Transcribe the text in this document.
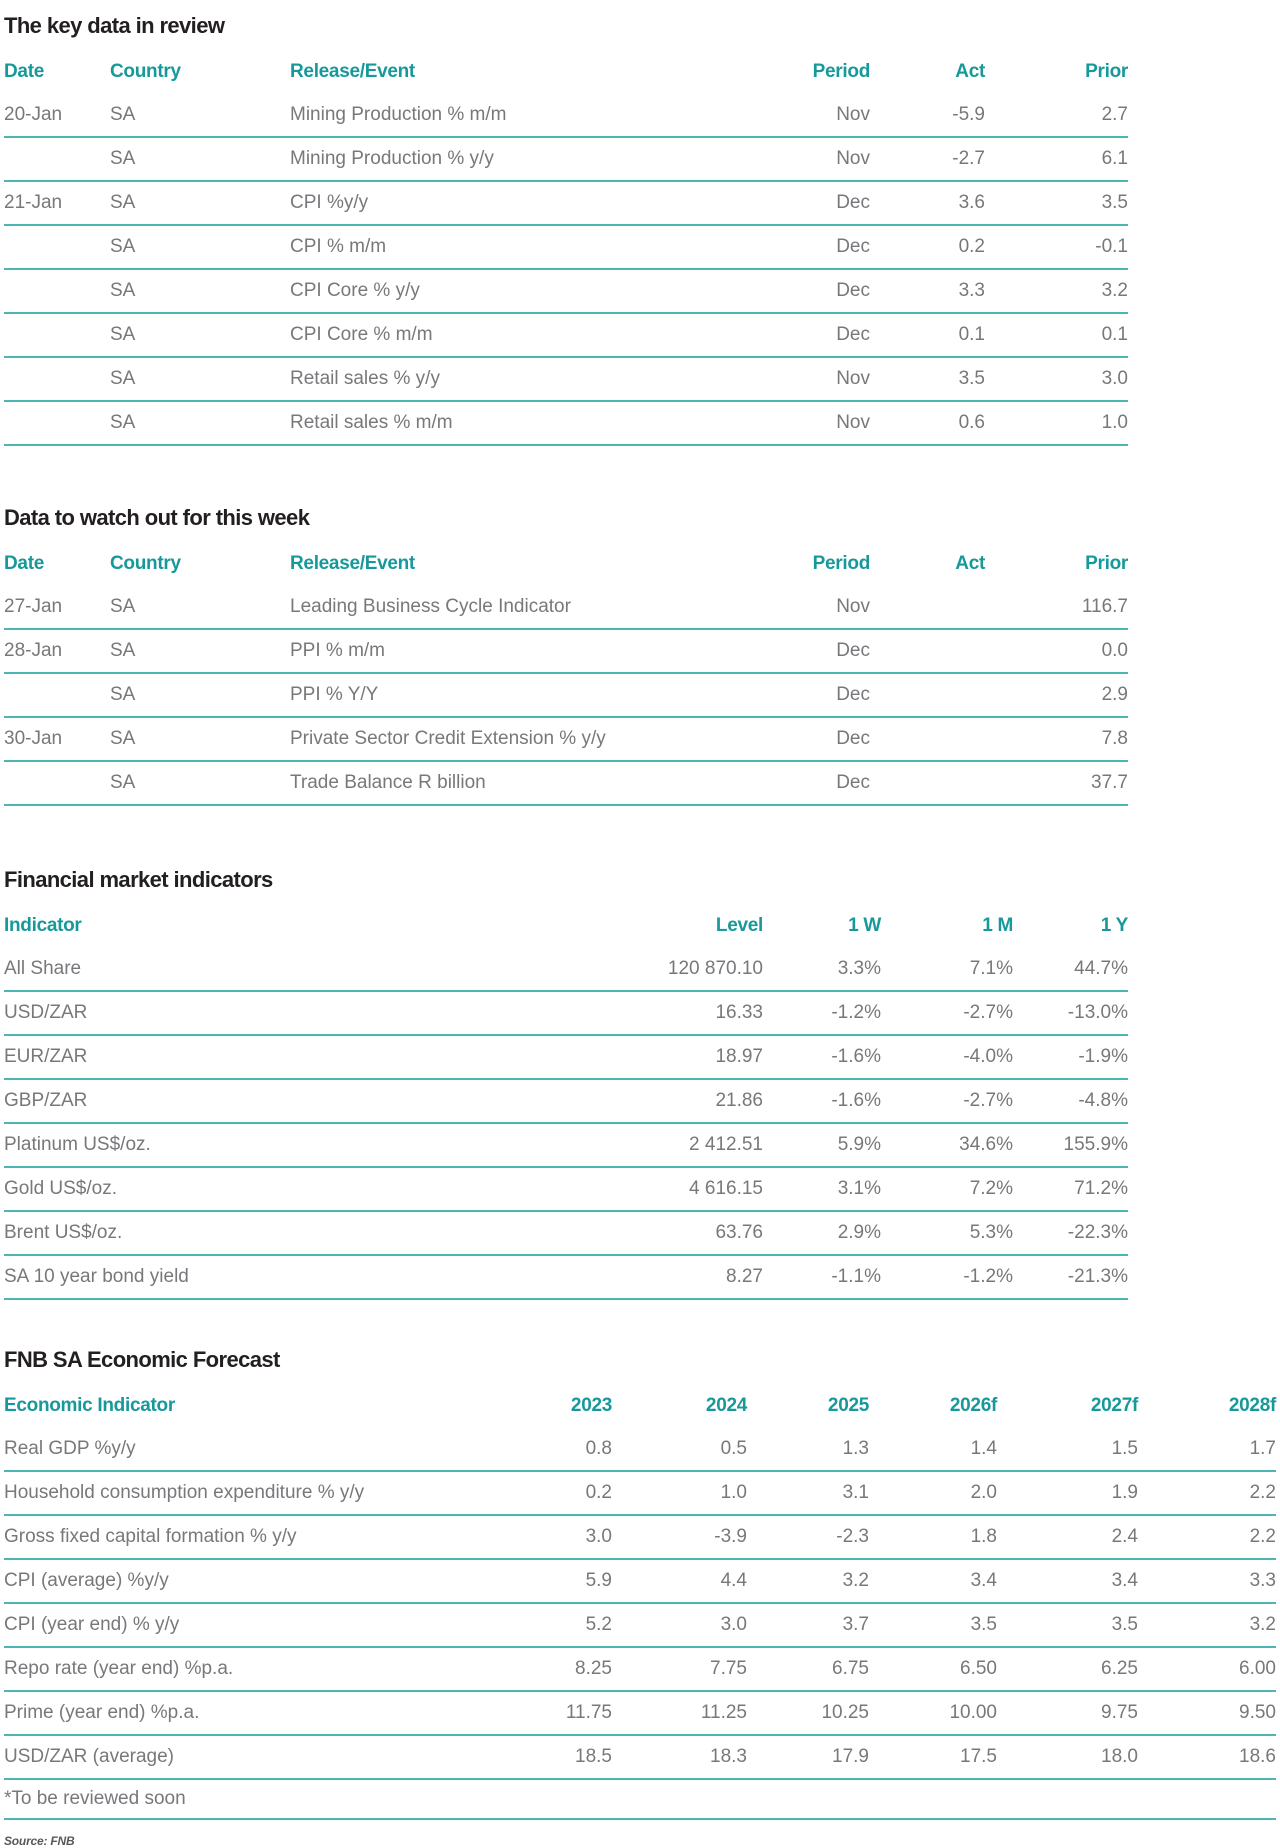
The key data in review
Date	Country	Release/Event	Period	Act	Prior
20-Jan	SA	Mining Production % m/m	Nov	-5.9	2.7
	SA	Mining Production % y/y	Nov	-2.7	6.1
21-Jan	SA	CPI %y/y	Dec	3.6	3.5
	SA	CPI % m/m	Dec	0.2	-0.1
	SA	CPI Core % y/y	Dec	3.3	3.2
	SA	CPI Core % m/m	Dec	0.1	0.1
	SA	Retail sales % y/y	Nov	3.5	3.0
	SA	Retail sales % m/m	Nov	0.6	1.0
Data to watch out for this week
Date	Country	Release/Event	Period	Act	Prior
27-Jan	SA	Leading Business Cycle Indicator	Nov		116.7
28-Jan	SA	PPI % m/m	Dec		0.0
	SA	PPI % Y/Y	Dec		2.9
30-Jan	SA	Private Sector Credit Extension % y/y	Dec		7.8
	SA	Trade Balance R billion	Dec		37.7
Financial market indicators
Indicator	Level	1 W	1 M	1 Y
All Share	120 870.10	3.3%	7.1%	44.7%
USD/ZAR	16.33	-1.2%	-2.7%	-13.0%
EUR/ZAR	18.97	-1.6%	-4.0%	-1.9%
GBP/ZAR	21.86	-1.6%	-2.7%	-4.8%
Platinum US$/oz.	2 412.51	5.9%	34.6%	155.9%
Gold US$/oz.	4 616.15	3.1%	7.2%	71.2%
Brent US$/oz.	63.76	2.9%	5.3%	-22.3%
SA 10 year bond yield	8.27	-1.1%	-1.2%	-21.3%
FNB SA Economic Forecast
Economic Indicator	2023	2024	2025	2026f	2027f	2028f
Real GDP %y/y	0.8	0.5	1.3	1.4	1.5	1.7
Household consumption expenditure % y/y	0.2	1.0	3.1	2.0	1.9	2.2
Gross fixed capital formation % y/y	3.0	-3.9	-2.3	1.8	2.4	2.2
CPI (average) %y/y	5.9	4.4	3.2	3.4	3.4	3.3
CPI (year end) % y/y	5.2	3.0	3.7	3.5	3.5	3.2
Repo rate (year end) %p.a.	8.25	7.75	6.75	6.50	6.25	6.00
Prime (year end) %p.a.	11.75	11.25	10.25	10.00	9.75	9.50
USD/ZAR (average)	18.5	18.3	17.9	17.5	18.0	18.6
*To be reviewed soon						
Source: FNB
